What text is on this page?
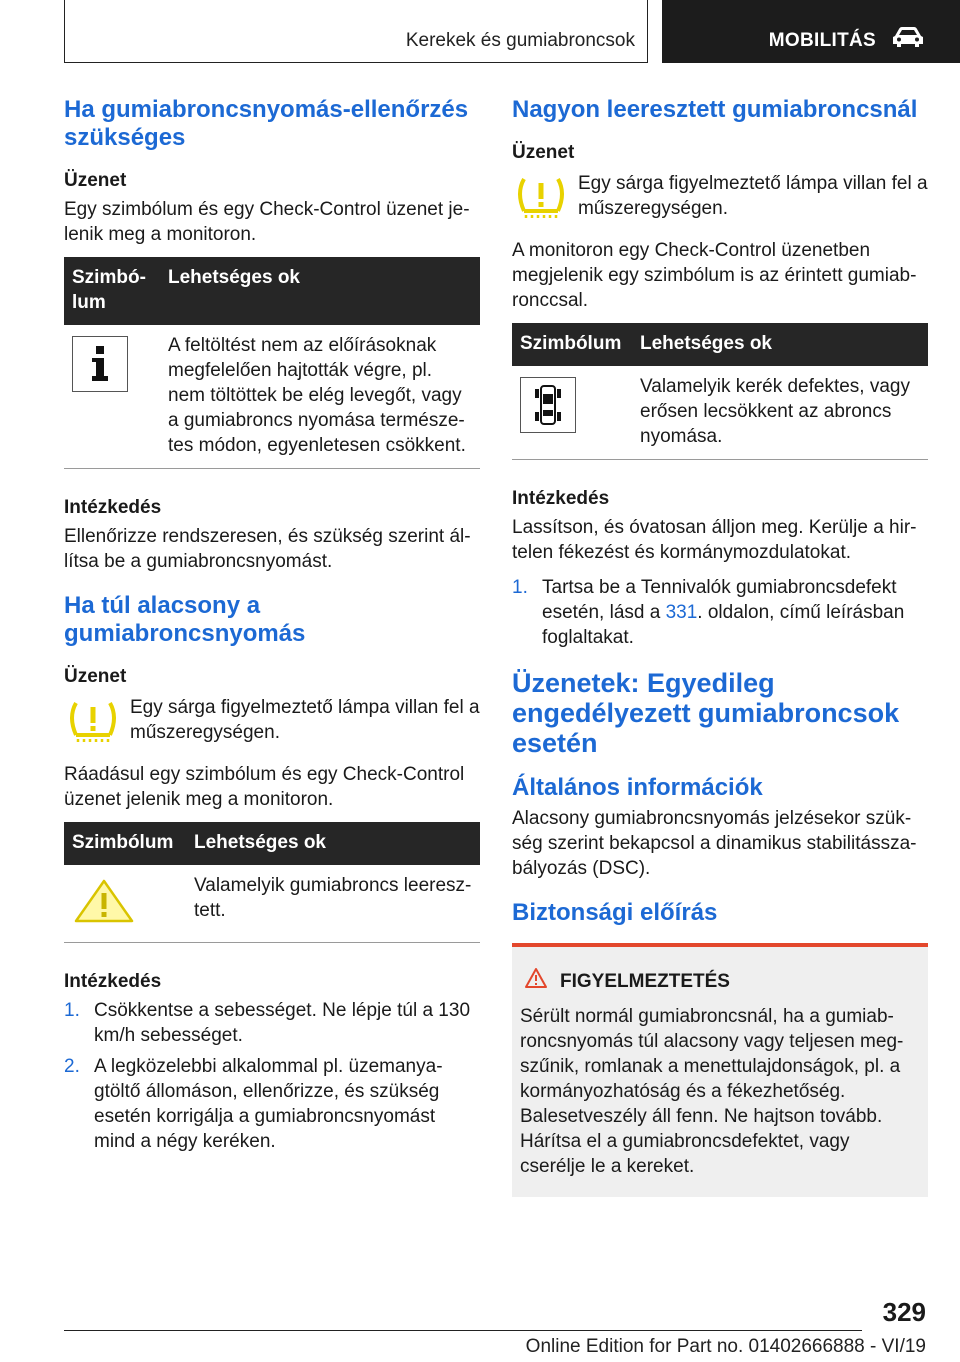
Kerekek és gumiabroncsok	MOBILITÁS
Ha gumiabroncsnyomás-ellenőrzés szükséges
Üzenet

Egy szimbólum és egy Check-Control üzenet jelenik meg a monitoron.

Szimbólum	Lehetséges ok

	A feltöltést nem az előírásoknak megfelelően hajtották végre, pl. nem töltöttek be elég levegőt, vagy a gumiabroncs nyomása természetes módon, egyenletesen csökkent.
Intézkedés

Ellenőrizze rendszeresen, és szükség szerint állítsa be a gumiabroncsnyomást.

Ha túl alacsony a gumiabroncsnyomás
Üzenet
Egy sárga figyelmeztető lámpa villan fel a műszeregységen.

Ráadásul egy szimbólum és egy Check-Control üzenet jelenik meg a monitoron.

Szimbólum	Lehetséges ok

	Valamelyik gumiabroncs leeresztett.
Intézkedés
1. Csökkentse a sebességet. Ne lépje túl a 130 km/h sebességet.
2. A legközelebbi alkalommal pl. üzemanyagtöltő állomáson, ellenőrizze, és szükség esetén korrigálja a gumiabroncsnyomást mind a négy keréken.
Nagyon leeresztett gumiabroncsnál
Üzenet
Egy sárga figyelmeztető lámpa villan fel a műszeregységen.

A monitoron egy Check-Control üzenetben megjelenik egy szimbólum is az érintett gumiabronccsal.

Szimbólum	Lehetséges ok

	Valamelyik kerék defektes, vagy erősen lecsökkent az abroncs nyomása.
Intézkedés

Lassítson, és óvatosan álljon meg. Kerülje a hirtelen fékezést és kormánymozdulatokat.

1. Tartsa be a Tennivalók gumiabroncsdefekt esetén, lásd a 331. oldalon, című leírásban foglaltakat.
Üzenetek: Egyedileg engedélyezett gumiabroncsok esetén
Általános információk

Alacsony gumiabroncsnyomás jelzésekor szükség szerint bekapcsol a dinamikus stabilitásszabályozás (DSC).

Biztonsági előírás
FIGYELMEZTETÉS
Sérült normál gumiabroncsnál, ha a gumiabroncsnyomás túl alacsony vagy teljesen megszűnik, romlanak a menettulajdonságok, pl. a kormányozhatóság és a fékezhetőség. Balesetveszély áll fenn. Ne hajtson tovább. Hárítsa el a gumiabroncsdefektet, vagy cserélje le a kereket.
329
Online Edition for Part no. 01402666888 - VI/19
